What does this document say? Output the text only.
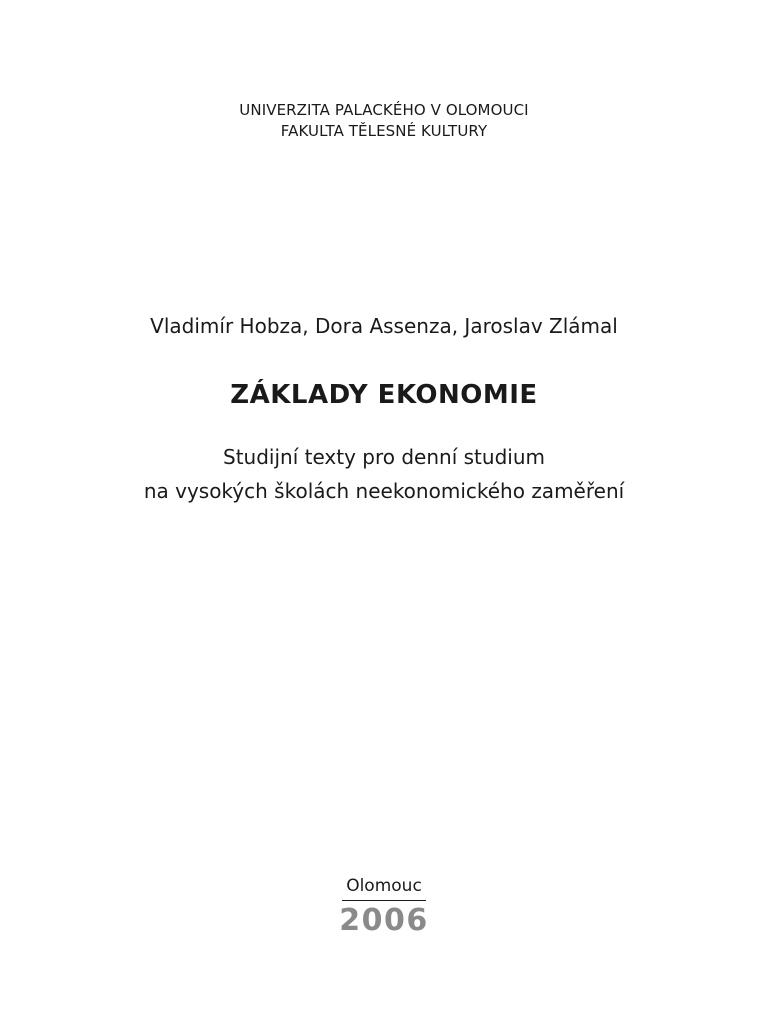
UNIVERZITA PALACKÉHO V OLOMOUCI
FAKULTA TĚLESNÉ KULTURY
Vladimír Hobza, Dora Assenza, Jaroslav Zlámal
ZÁKLADY EKONOMIE
Studijní texty pro denní studium
na vysokých školách neekonomického zaměření
Olomouc
2006
